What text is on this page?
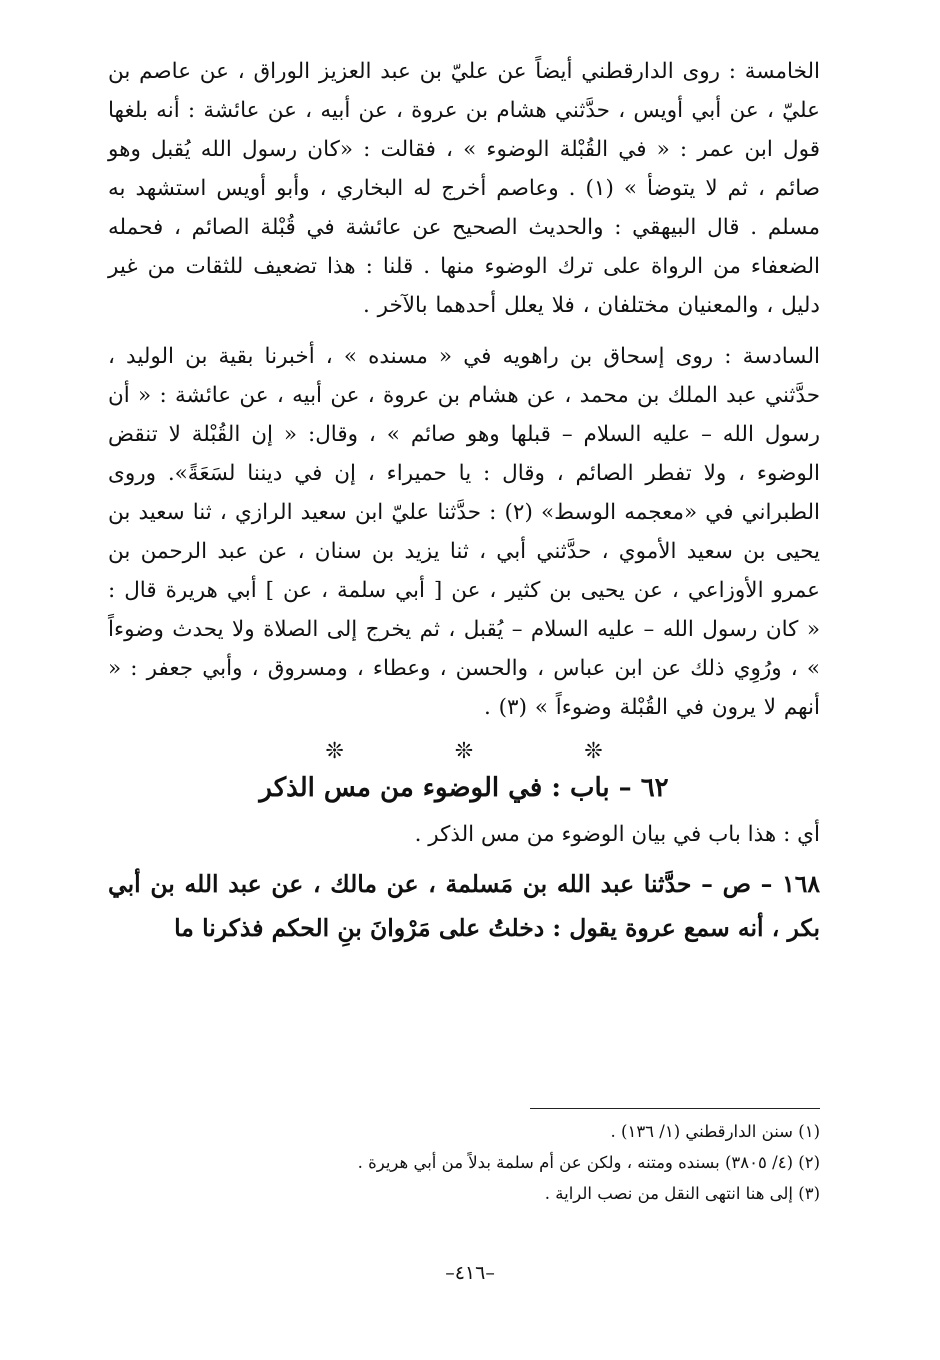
الخامسة : روى الدارقطني أيضاً عن عليّ بن عبد العزيز الوراق ، عن عاصم بن عليّ ، عن أبي أويس ، حدَّثني هشام بن عروة ، عن أبيه ، عن عائشة : أنه بلغها قول ابن عمر : « في القُبْلة الوضوء » ، فقالت : «كان رسول الله يُقبل وهو صائم ، ثم لا يتوضأ » (١) . وعاصم أخرج له البخاري ، وأبو أويس استشهد به مسلم . قال البيهقي : والحديث الصحيح عن عائشة في قُبْلة الصائم ، فحمله الضعفاء من الرواة على ترك الوضوء منها . قلنا : هذا تضعيف للثقات من غير دليل ، والمعنيان مختلفان ، فلا يعلل أحدهما بالآخر .

السادسة : روى إسحاق بن راهويه في « مسنده » ، أخبرنا بقية بن الوليد ، حدَّثني عبد الملك بن محمد ، عن هشام بن عروة ، عن أبيه ، عن عائشة : « أن رسول الله – عليه السلام – قبلها وهو صائم » ، وقال: « إن القُبْلة لا تنقض الوضوء ، ولا تفطر الصائم ، وقال : يا حميراء ، إن في ديننا لسَعَةً». وروى الطبراني في «معجمه الوسط» (٢) : حدَّثنا عليّ ابن سعيد الرازي ، ثنا سعيد بن يحيى بن سعيد الأموي ، حدَّثني أبي ، ثنا يزيد بن سنان ، عن عبد الرحمن بن عمرو الأوزاعي ، عن يحيى بن كثير ، عن [ أبي سلمة ، عن ] أبي هريرة قال : « كان رسول الله – عليه السلام – يُقبل ، ثم يخرج إلى الصلاة ولا يحدث وضوءاً » ، ورُوِي ذلك عن ابن عباس ، والحسن ، وعطاء ، ومسروق ، وأبي جعفر : « أنهم لا يرون في القُبْلة وضوءاً » (٣) .

❊ ❊ ❊
٦٢ – باب : في الوضوء من مس الذكر
أي : هذا باب في بيان الوضوء من مس الذكر .

١٦٨ – ص – حدَّثنا عبد الله بن مَسلمة ، عن مالك ، عن عبد الله بن أبي بكر ، أنه سمع عروة يقول : دخلتُ على مَرْوانَ بنِ الحكم فذكرنا ما

(١) سنن الدارقطني (١/ ١٣٦) .
(٢) (٤/ ٣٨٠٥) بسنده ومتنه ، ولكن عن أم سلمة بدلاً من أبي هريرة .
(٣) إلى هنا انتهى النقل من نصب الراية .
–٤١٦–
